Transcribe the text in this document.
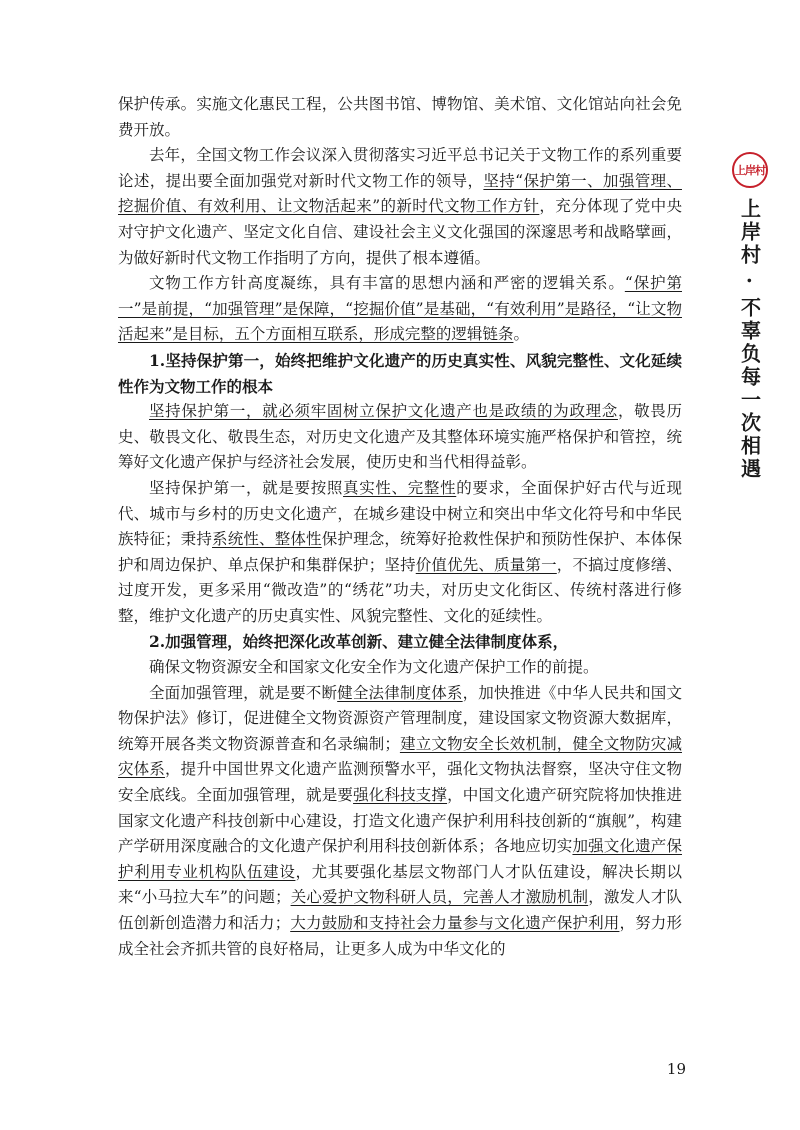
保护传承。实施文化惠民工程，公共图书馆、博物馆、美术馆、文化馆站向社会免费开放。

去年，全国文物工作会议深入贯彻落实习近平总书记关于文物工作的系列重要论述，提出要全面加强党对新时代文物工作的领导，坚持“保护第一、加强管理、挖掘价值、有效利用、让文物活起来”的新时代文物工作方针，充分体现了党中央对守护文化遗产、坚定文化自信、建设社会主义文化强国的深邃思考和战略擘画，为做好新时代文物工作指明了方向，提供了根本遵循。

文物工作方针高度凝练，具有丰富的思想内涵和严密的逻辑关系。“保护第一”是前提，“加强管理”是保障，“挖掘价值”是基础，“有效利用”是路径，“让文物活起来”是目标，五个方面相互联系，形成完整的逻辑链条。

1.坚持保护第一，始终把维护文化遗产的历史真实性、风貌完整性、文化延续性作为文物工作的根本

坚持保护第一，就必须牢固树立保护文化遗产也是政绩的为政理念，敬畏历史、敬畏文化、敬畏生态，对历史文化遗产及其整体环境实施严格保护和管控，统筹好文化遗产保护与经济社会发展，使历史和当代相得益彰。

坚持保护第一，就是要按照真实性、完整性的要求，全面保护好古代与近现代、城市与乡村的历史文化遗产，在城乡建设中树立和突出中华文化符号和中华民族特征；秉持系统性、整体性保护理念，统筹好抢救性保护和预防性保护、本体保护和周边保护、单点保护和集群保护；坚持价值优先、质量第一，不搞过度修缮、过度开发，更多采用“微改造”的“绣花”功夫，对历史文化街区、传统村落进行修整，维护文化遗产的历史真实性、风貌完整性、文化的延续性。

2.加强管理，始终把深化改革创新、建立健全法律制度体系，

确保文物资源安全和国家文化安全作为文化遗产保护工作的前提。

全面加强管理，就是要不断健全法律制度体系，加快推进《中华人民共和国文物保护法》修订，促进健全文物资源资产管理制度，建设国家文物资源大数据库，统筹开展各类文物资源普查和名录编制；建立文物安全长效机制，健全文物防灾减灾体系，提升中国世界文化遗产监测预警水平，强化文物执法督察，坚决守住文物安全底线。全面加强管理，就是要强化科技支撑，中国文化遗产研究院将加快推进国家文化遗产科技创新中心建设，打造文化遗产保护利用科技创新的“旗舰”，构建产学研用深度融合的文化遗产保护利用科技创新体系；各地应切实加强文化遗产保护利用专业机构队伍建设，尤其要强化基层文物部门人才队伍建设，解决长期以来“小马拉大车”的问题；关心爱护文物科研人员，完善人才激励机制，激发人才队伍创新创造潜力和活力；大力鼓励和支持社会力量参与文化遗产保护利用，努力形成全社会齐抓共管的良好格局，让更多人成为中华文化的

上岸村
上岸村 · 不辜负每一次相遇
19
